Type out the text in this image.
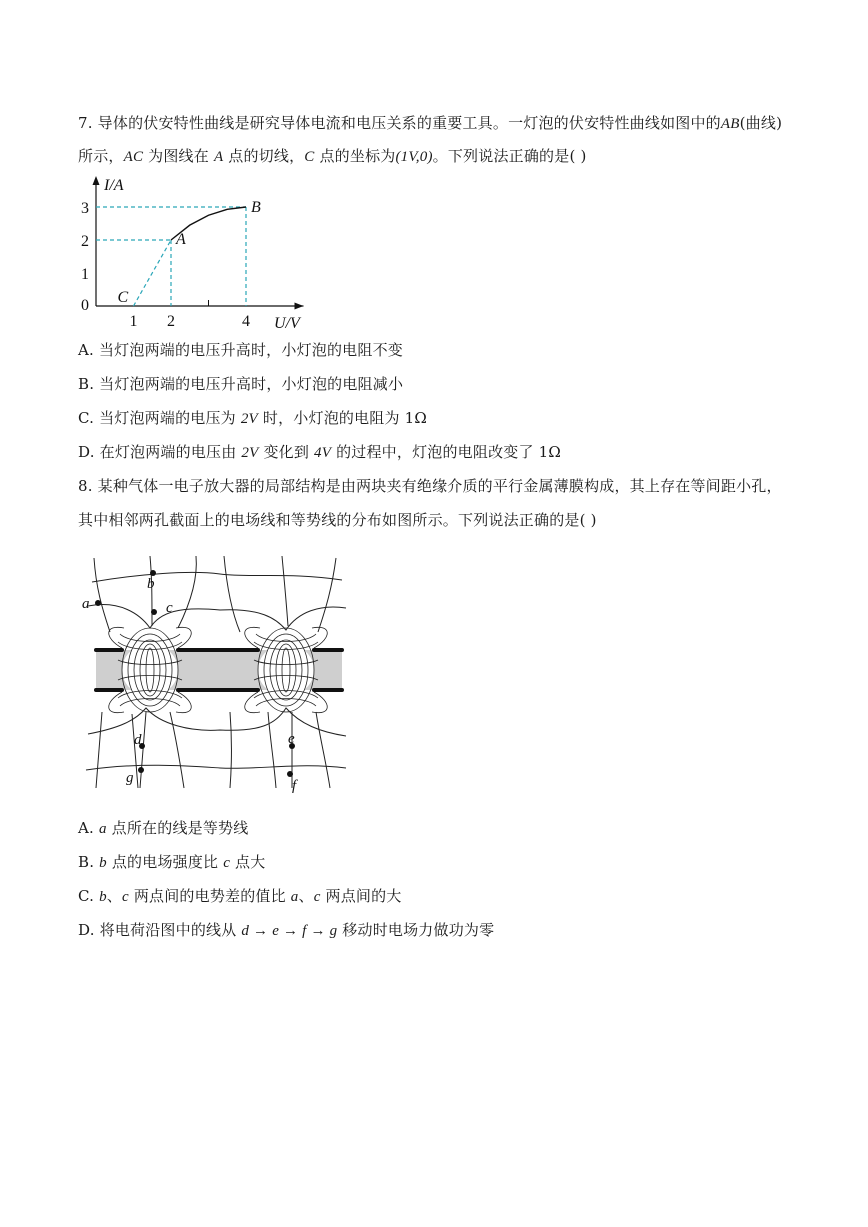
7. 导体的伏安特性曲线是研究导体电流和电压关系的重要工具。一灯泡的伏安特性曲线如图中的AB(曲线)
所示，AC 为图线在 A 点的切线，C 点的坐标为(1V,0)。下列说法正确的是( )
1 2	4
0
1
2
3
I/A
U/V
A
B
C
A. 当灯泡两端的电压升高时，小灯泡的电阻不变
B. 当灯泡两端的电压升高时，小灯泡的电阻减小
C. 当灯泡两端的电压为 2V 时，小灯泡的电阻为 1Ω
D. 在灯泡两端的电压由 2V 变化到 4V 的过程中，灯泡的电阻改变了 1Ω
8. 某种气体一电子放大器的局部结构是由两块夹有绝缘介质的平行金属薄膜构成，其上存在等间距小孔，
其中相邻两孔截面上的电场线和等势线的分布如图所示。下列说法正确的是( )
a
b
c
d	e
f
g
A. a 点所在的线是等势线
B. b 点的电场强度比 c 点大
C. b、c 两点间的电势差的值比 a、c 两点间的大
D. 将电荷沿图中的线从 d → e → f → g 移动时电场力做功为零
